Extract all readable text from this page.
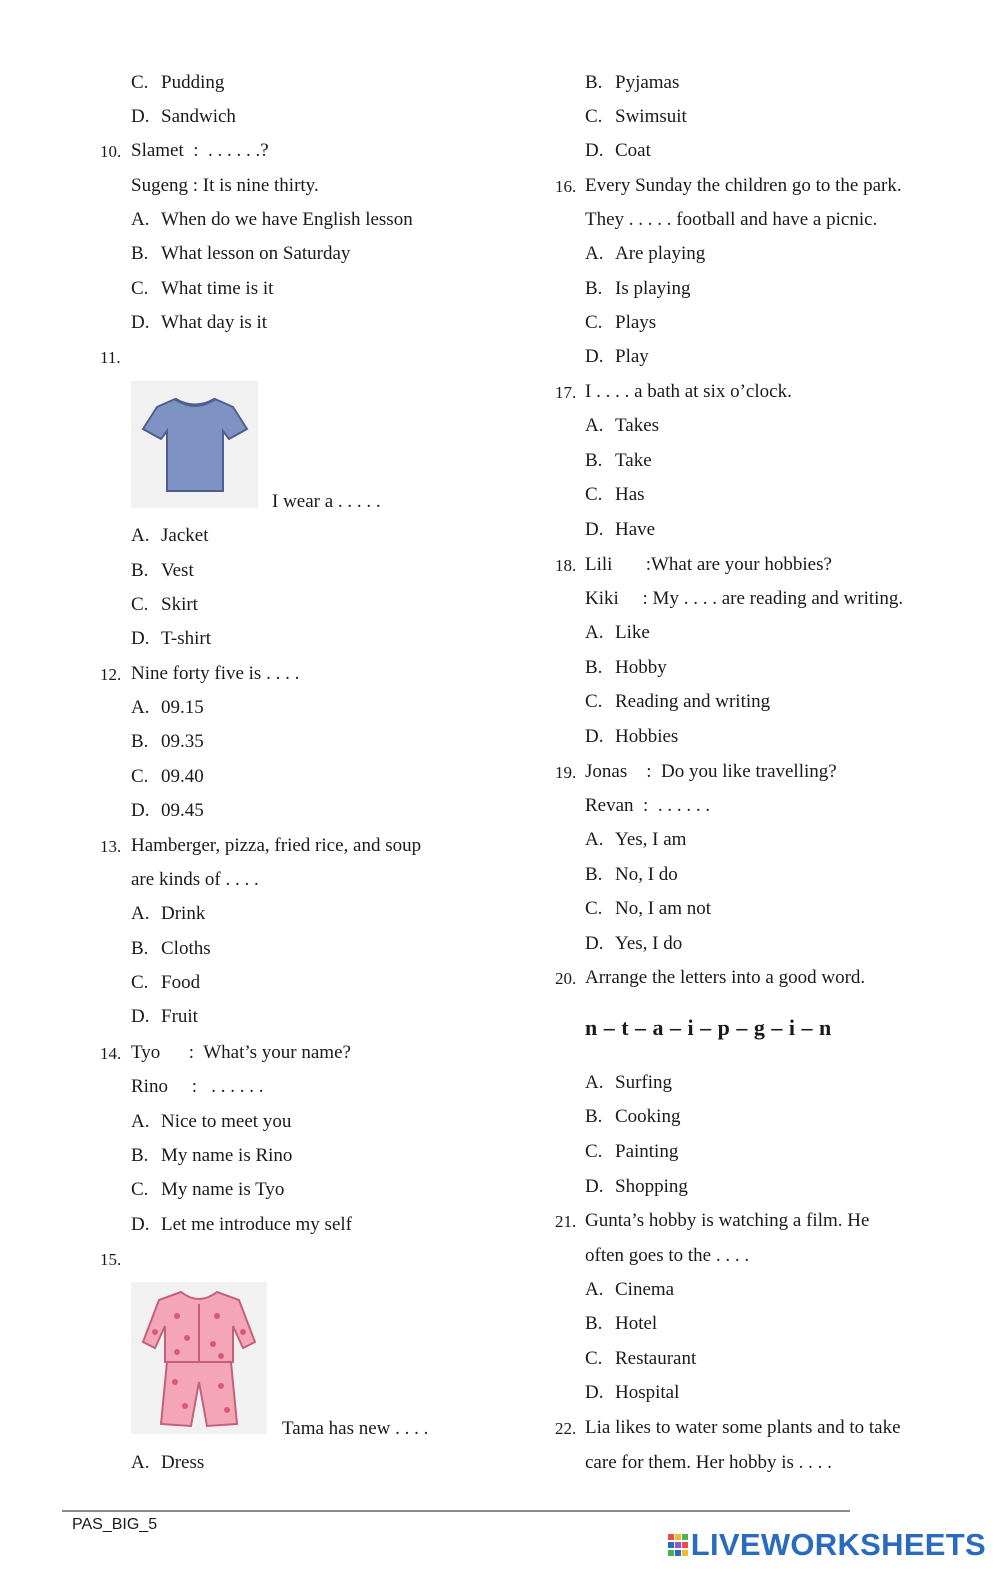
C. Pudding
D. Sandwich
10. Slamet  :  . . . . . .?
Sugeng : It is nine thirty.
A. When do we have English lesson
B. What lesson on Saturday
C. What time is it
D. What day is it
11.
I wear a . . . . .
A. Jacket
B. Vest
C. Skirt
D. T-shirt
12. Nine forty five is . . . .
A. 09.15
B. 09.35
C. 09.40
D. 09.45
13. Hamberger, pizza, fried rice, and soup
are kinds of . . . .
A. Drink
B. Cloths
C. Food
D. Fruit
14. Tyo      :  What’s your name?
Rino     :   . . . . . .
A. Nice to meet you
B. My name is Rino
C. My name is Tyo
D. Let me introduce my self
15.
Tama has new . . . .
A. Dress
B. Pyjamas
C. Swimsuit
D. Coat
16. Every Sunday the children go to the park.
They . . . . . football and have a picnic.
A. Are playing
B. Is playing
C. Plays
D. Play
17. I . . . . a bath at six o’clock.
A. Takes
B. Take
C. Has
D. Have
18. Lili       :What are your hobbies?
Kiki     : My . . . . are reading and writing.
A. Like
B. Hobby
C. Reading and writing
D. Hobbies
19. Jonas    :  Do you like travelling?
Revan  :  . . . . . .
A. Yes, I am
B. No, I do
C. No, I am not
D. Yes, I do
20. Arrange the letters into a good word.
n – t – a – i – p – g – i – n
A. Surfing
B. Cooking
C. Painting
D. Shopping
21. Gunta’s hobby is watching a film. He
often goes to the . . . .
A. Cinema
B. Hotel
C. Restaurant
D. Hospital
22. Lia likes to water some plants and to take
care for them. Her hobby is . . . .
PAS_BIG_5
LIVEWORKSHEETS
